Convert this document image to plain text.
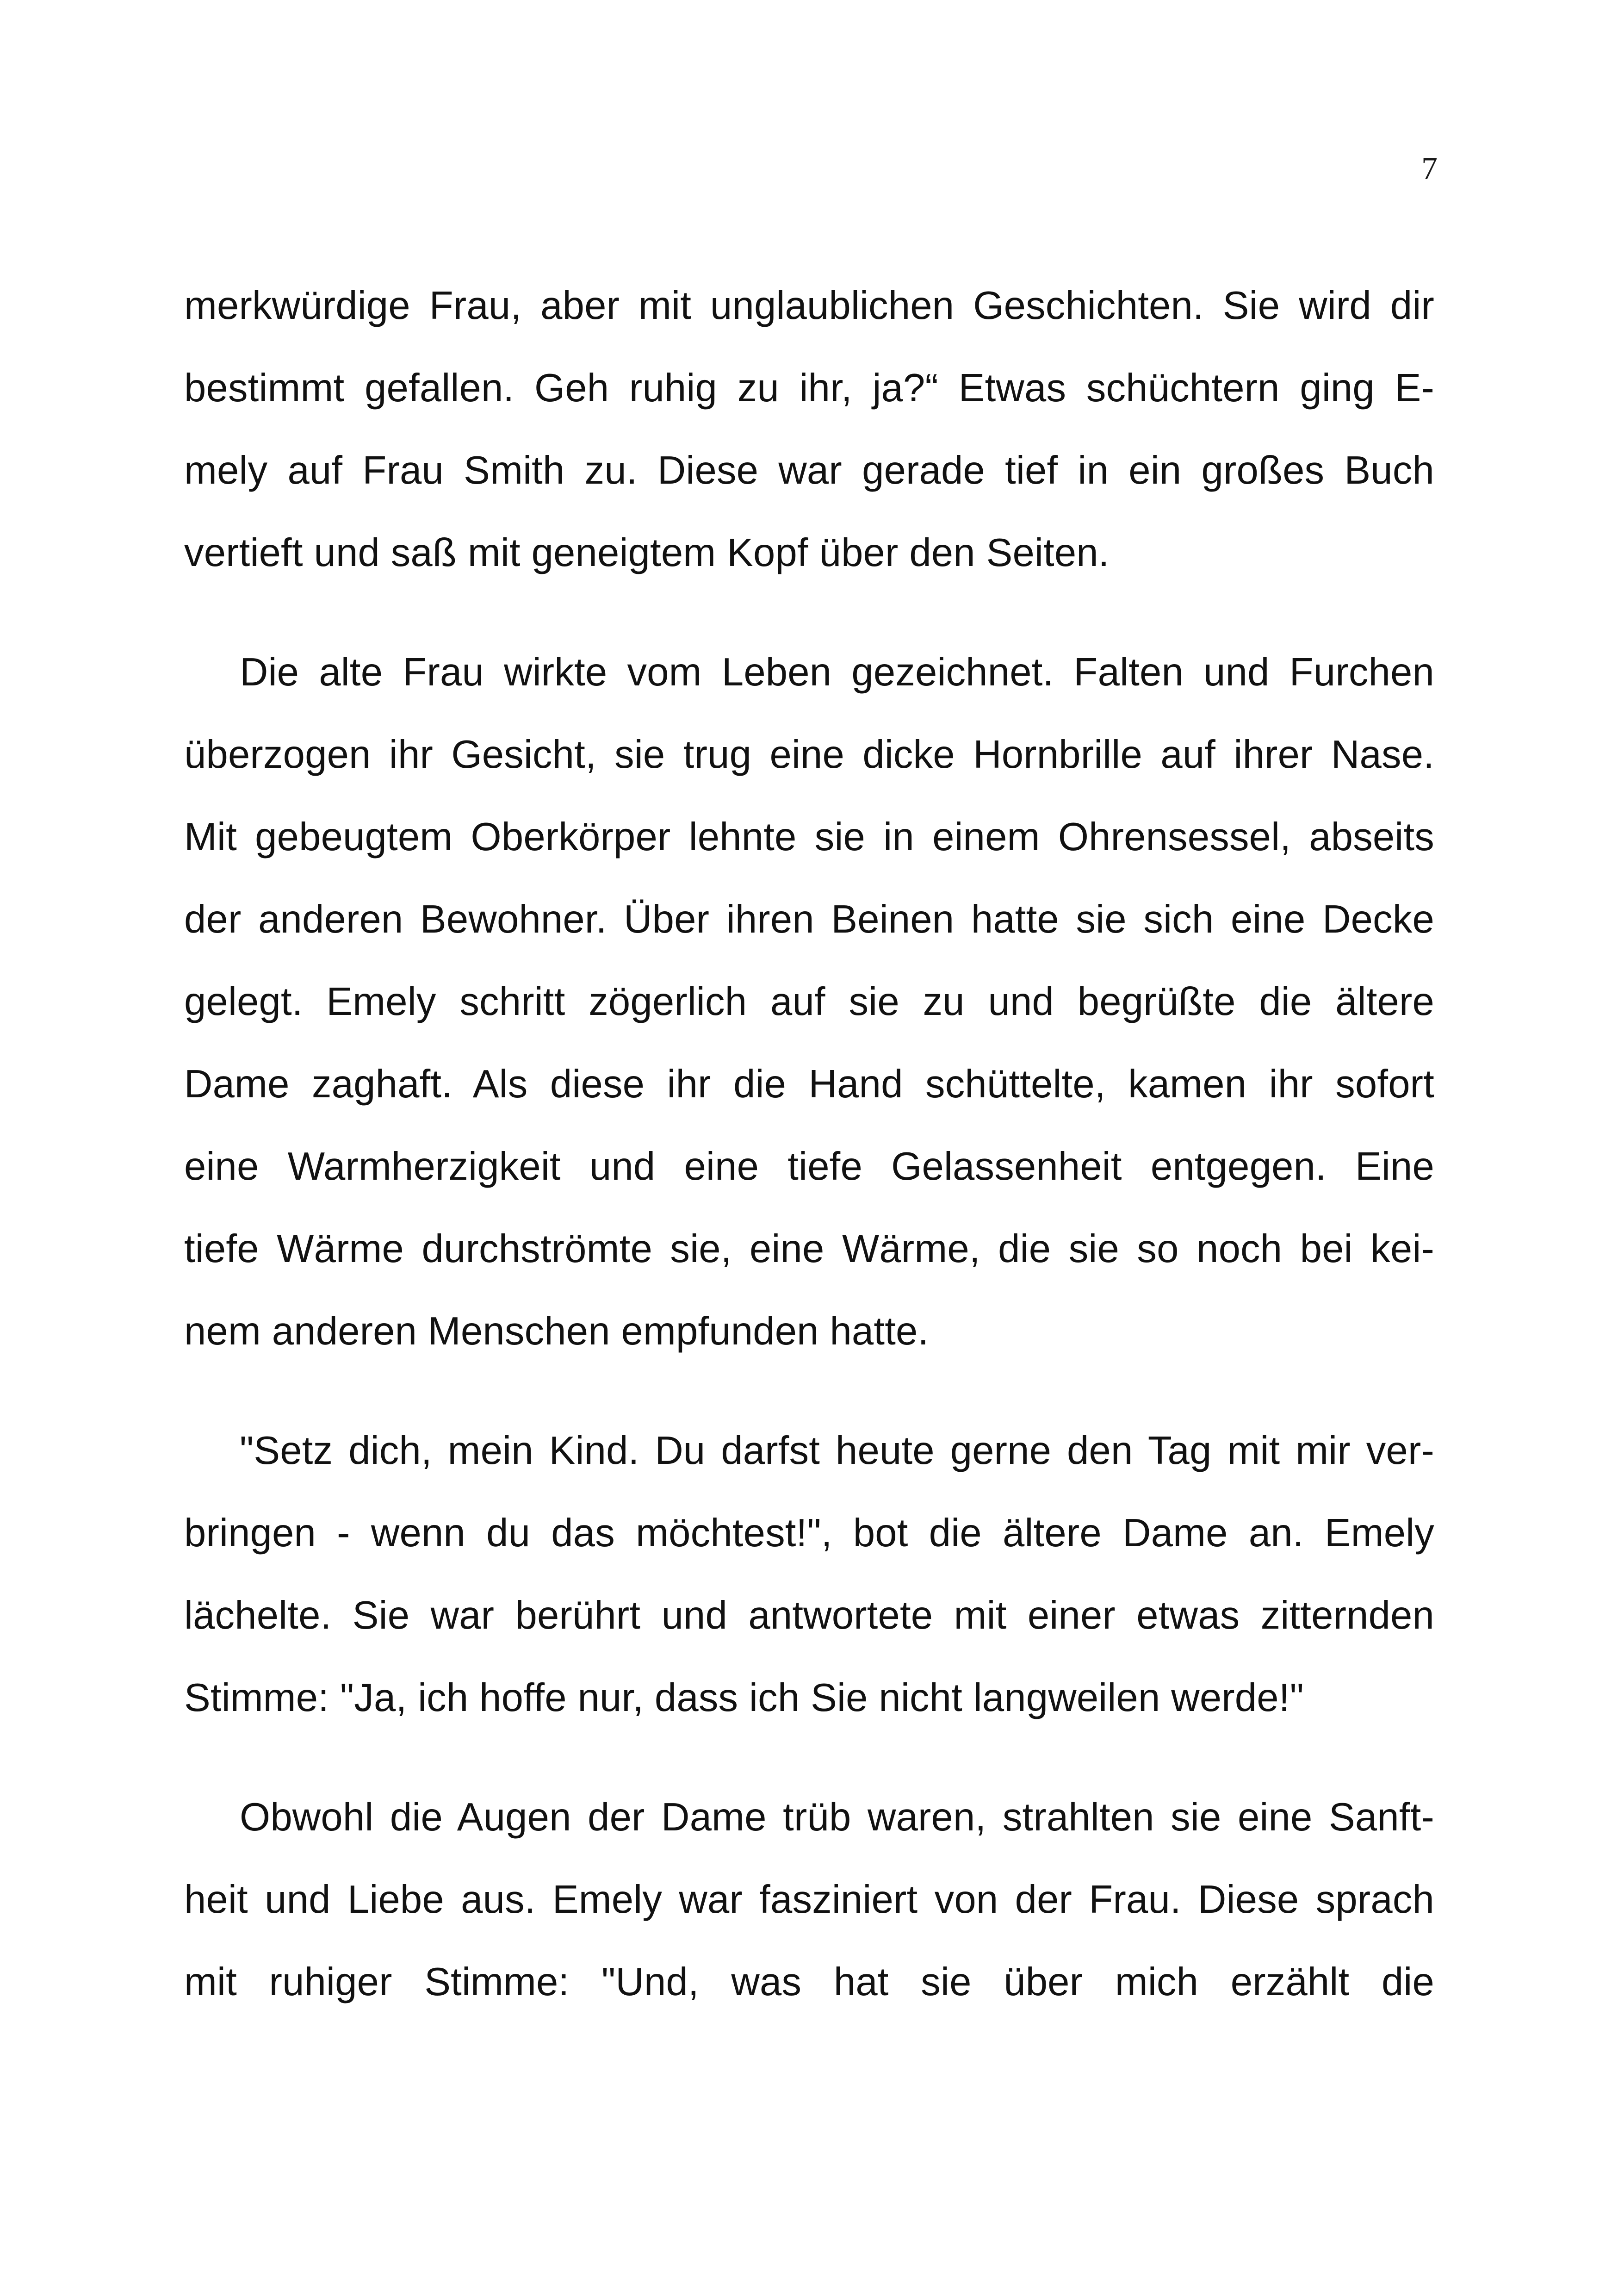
7
merkwürdige Frau, aber mit unglaublichen Geschichten. Sie wird dir
bestimmt gefallen. Geh ruhig zu ihr, ja?“ Etwas schüchtern ging E-
mely auf Frau Smith zu. Diese war gerade tief in ein großes Buch
vertieft und saß mit geneigtem Kopf über den Seiten.
Die alte Frau wirkte vom Leben gezeichnet. Falten und Furchen
überzogen ihr Gesicht, sie trug eine dicke Hornbrille auf ihrer Nase.
Mit gebeugtem Oberkörper lehnte sie in einem Ohrensessel, abseits
der anderen Bewohner. Über ihren Beinen hatte sie sich eine Decke
gelegt. Emely schritt zögerlich auf sie zu und begrüßte die ältere
Dame zaghaft. Als diese ihr die Hand schüttelte, kamen ihr sofort
eine Warmherzigkeit und eine tiefe Gelassenheit entgegen. Eine
tiefe Wärme durchströmte sie, eine Wärme, die sie so noch bei kei-
nem anderen Menschen empfunden hatte.
"Setz dich, mein Kind. Du darfst heute gerne den Tag mit mir ver-
bringen - wenn du das möchtest!", bot die ältere Dame an. Emely
lächelte. Sie war berührt und antwortete mit einer etwas zitternden
Stimme: "Ja, ich hoffe nur, dass ich Sie nicht langweilen werde!"
Obwohl die Augen der Dame trüb waren, strahlten sie eine Sanft-
heit und Liebe aus. Emely war fasziniert von der Frau. Diese sprach
mit ruhiger Stimme: "Und, was hat sie über mich erzählt die
